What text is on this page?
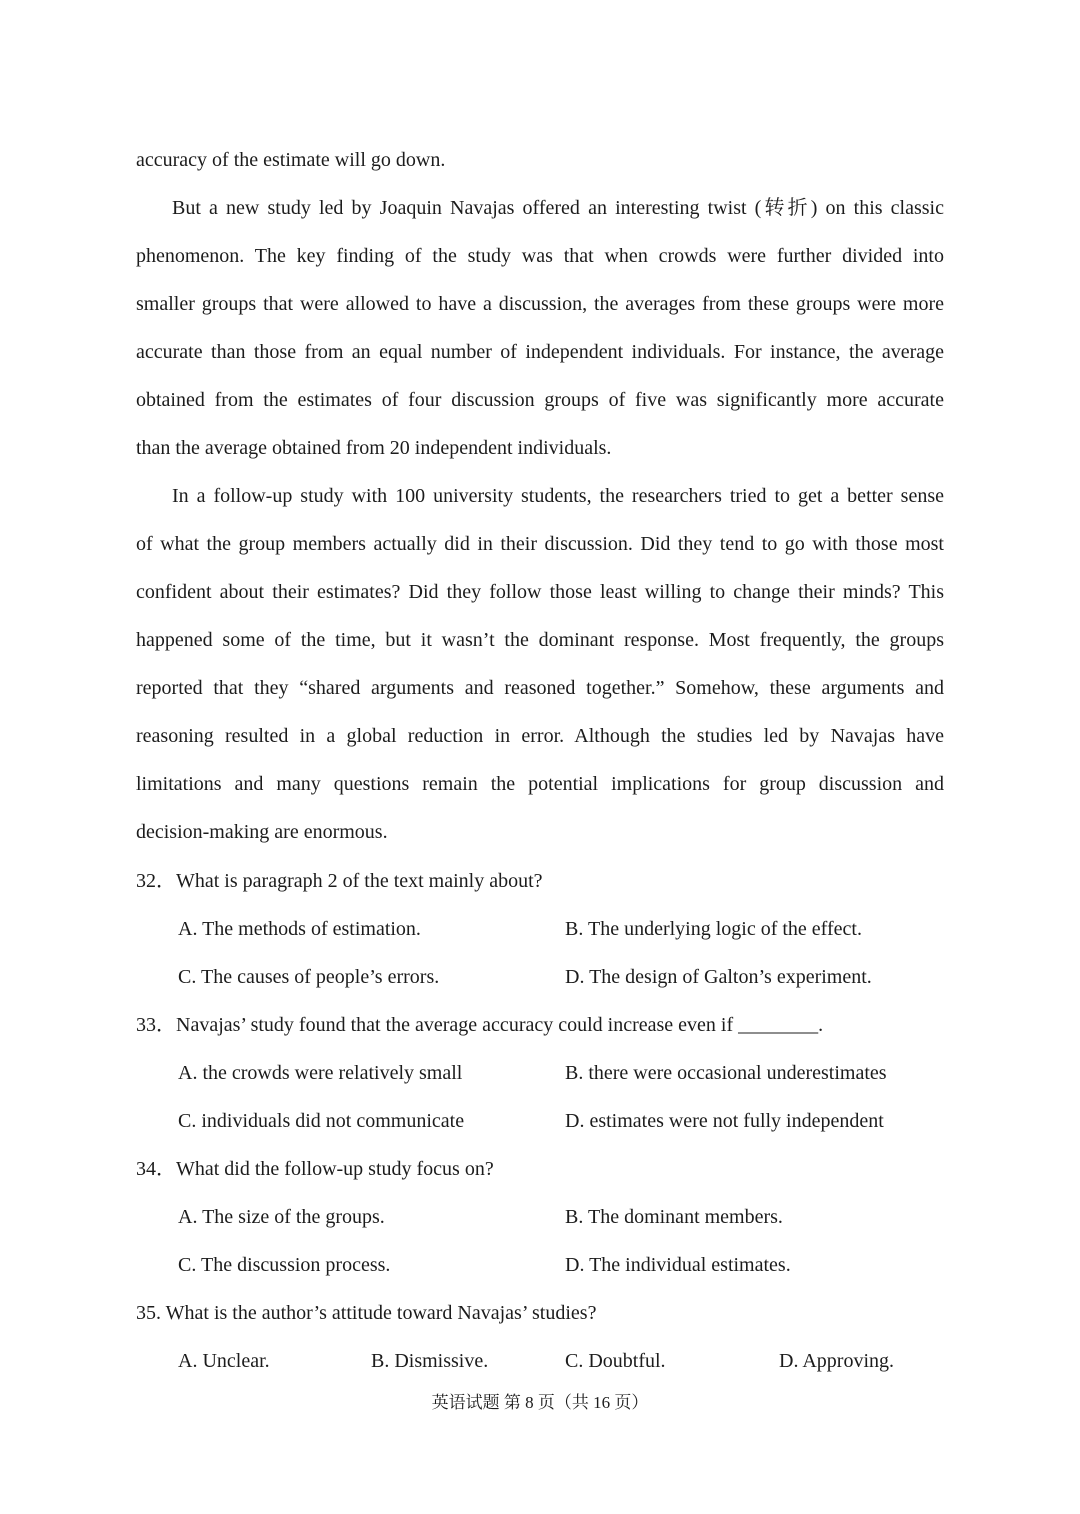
accuracy of the estimate will go down.
But a new study led by Joaquin Navajas offered an interesting twist (转折) on this classic
phenomenon. The key finding of the study was that when crowds were further divided into
smaller groups that were allowed to have a discussion, the averages from these groups were more
accurate than those from an equal number of independent individuals. For instance, the average
obtained from the estimates of four discussion groups of five was significantly more accurate
than the average obtained from 20 independent individuals.
In a follow-up study with 100 university students, the researchers tried to get a better sense
of what the group members actually did in their discussion. Did they tend to go with those most
confident about their estimates? Did they follow those least willing to change their minds? This
happened some of the time, but it wasn’t the dominant response. Most frequently, the groups
reported that they “shared arguments and reasoned together.” Somehow, these arguments and
reasoning resulted in a global reduction in error. Although the studies led by Navajas have
limitations and many questions remain the potential implications for group discussion and
decision-making are enormous.
32．What is paragraph 2 of the text mainly about?
A. The methods of estimation.	B. The underlying logic of the effect.
C. The causes of people’s errors.	D. The design of Galton’s experiment.
33．Navajas’ study found that the average accuracy could increase even if ________.
A. the crowds were relatively small	B. there were occasional underestimates
C. individuals did not communicate	D. estimates were not fully independent
34．What did the follow-up study focus on?
A. The size of the groups.	B. The dominant members.
C. The discussion process.	D. The individual estimates.
35. What is the author’s attitude toward Navajas’ studies?
A. Unclear.	B. Dismissive.	C. Doubtful.	D. Approving.
英语试题 第 8 页（共 16 页）
